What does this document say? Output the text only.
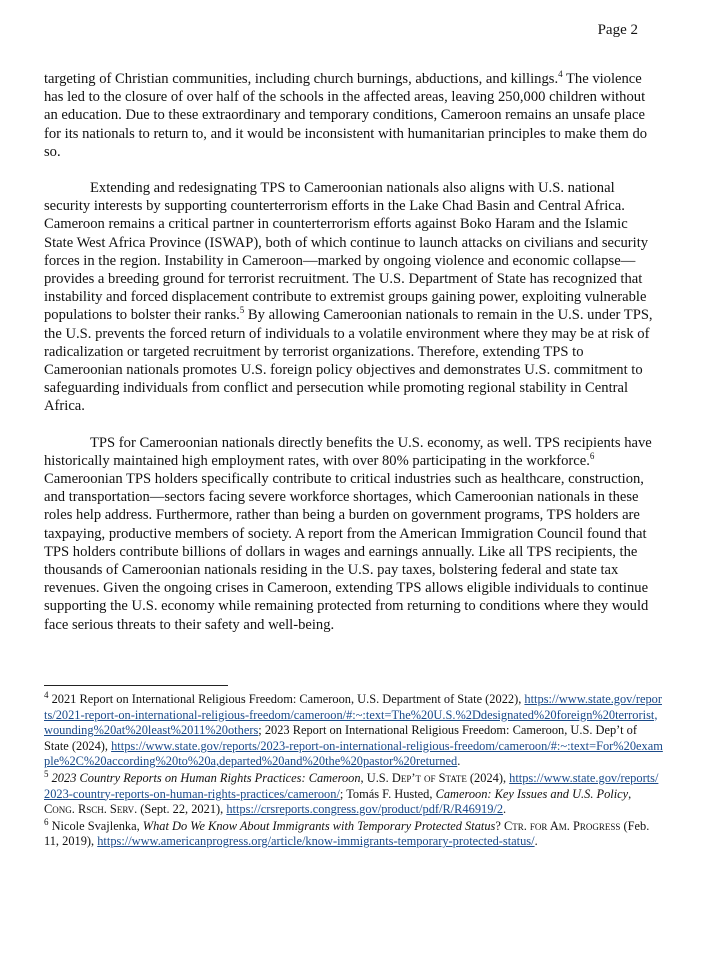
Page 2

targeting of Christian communities, including church burnings, abductions, and killings.$^4$ The violence has led to the closure of over half of the schools in the affected areas, leaving 250,000 children without an education. Due to these extraordinary and temporary conditions, Cameroon remains an unsafe place for its nationals to return to, and it would be inconsistent with humanitarian principles to make them do so.

Extending and redesignating TPS to Cameroonian nationals also aligns with U.S. national security interests by supporting counterterrorism efforts in the Lake Chad Basin and Central Africa. Cameroon remains a critical partner in counterterrorism efforts against Boko Haram and the Islamic State West Africa Province (ISWAP), both of which continue to launch attacks on civilians and security forces in the region. Instability in Cameroon—marked by ongoing violence and economic collapse—provides a breeding ground for terrorist recruitment. The U.S. Department of State has recognized that instability and forced displacement contribute to extremist groups gaining power, exploiting vulnerable populations to bolster their ranks.$^5$ By allowing Cameroonian nationals to remain in the U.S. under TPS, the U.S. prevents the forced return of individuals to a volatile environment where they may be at risk of radicalization or targeted recruitment by terrorist organizations. Therefore, extending TPS to Cameroonian nationals promotes U.S. foreign policy objectives and demonstrates U.S. commitment to safeguarding individuals from conflict and persecution while promoting regional stability in Central Africa.

TPS for Cameroonian nationals directly benefits the U.S. economy, as well. TPS recipients have historically maintained high employment rates, with over 80% participating in the workforce.$^6$ Cameroonian TPS holders specifically contribute to critical industries such as healthcare, construction, and transportation—sectors facing severe workforce shortages, which Cameroonian nationals in these roles help address. Furthermore, rather than being a burden on government programs, TPS holders are taxpaying, productive members of society. A report from the American Immigration Council found that TPS holders contribute billions of dollars in wages and earnings annually. Like all TPS recipients, the thousands of Cameroonian nationals residing in the U.S. pay taxes, bolstering federal and state tax revenues. Given the ongoing crises in Cameroon, extending TPS allows eligible individuals to continue supporting the U.S. economy while remaining protected from returning to conditions where they would face serious threats to their safety and well-being.

$^4$ 2021 Report on International Religious Freedom: Cameroon, U.S. Department of State (2022), https://www.state.gov/reports/2021-report-on-international-religious-freedom/cameroon/#:~:text=The%20U.S.%2Ddesignated%20foreign%20terrorist,wounding%20at%20least%2011%20others; 2023 Report on International Religious Freedom: Cameroon, U.S. Dep’t of State (2024), https://www.state.gov/reports/2023-report-on-international-religious-freedom/cameroon/#:~:text=For%20example%2C%20according%20to%20a,departed%20and%20the%20pastor%20returned.
$^5$ 2023 Country Reports on Human Rights Practices: Cameroon, U.S. Dep’t of State (2024), https://www.state.gov/reports/2023-country-reports-on-human-rights-practices/cameroon/; Tomás F. Husted, Cameroon: Key Issues and U.S. Policy, Cong. Rsch. Serv. (Sept. 22, 2021), https://crsreports.congress.gov/product/pdf/R/R46919/2.
$^6$ Nicole Svajlenka, What Do We Know About Immigrants with Temporary Protected Status? Ctr. for Am. Progress (Feb. 11, 2019), https://www.americanprogress.org/article/know-immigrants-temporary-protected-status/.
